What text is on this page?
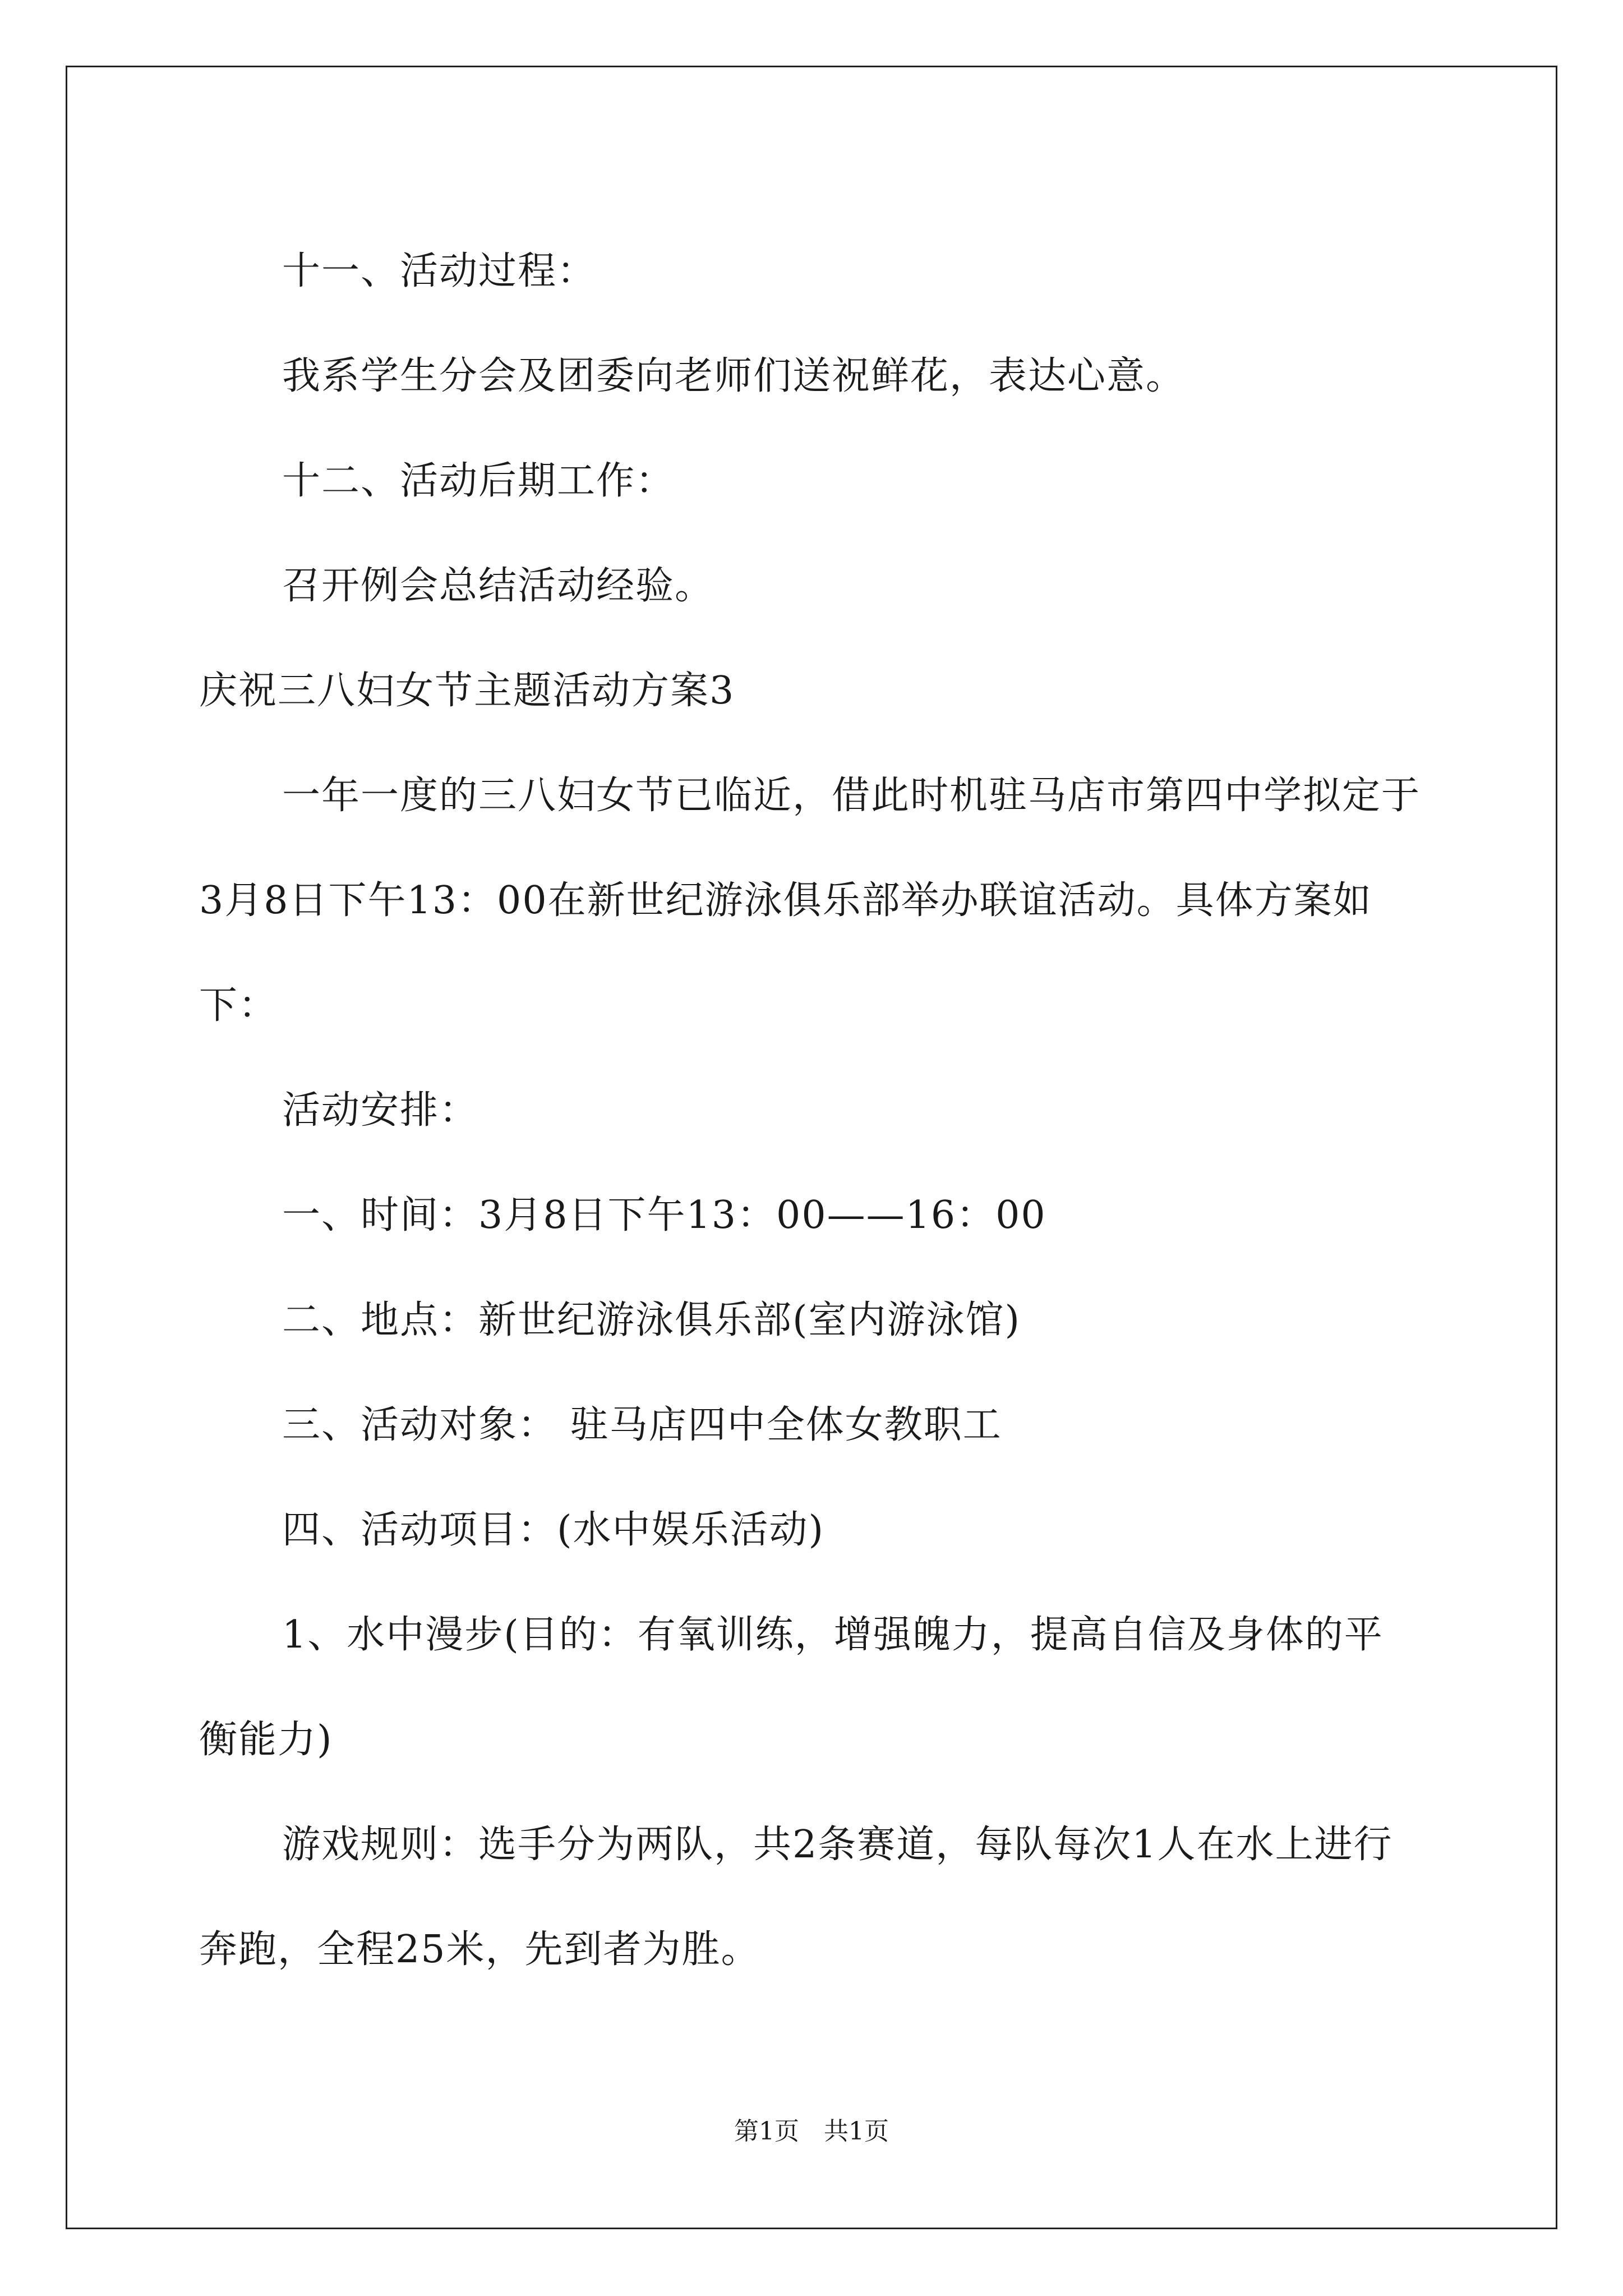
十一、活动过程：

我系学生分会及团委向老师们送祝鲜花，表达心意。

十二、活动后期工作：

召开例会总结活动经验。

庆祝三八妇女节主题活动方案3

一年一度的三八妇女节已临近，借此时机驻马店市第四中学拟定于3月8日下午13：00在新世纪游泳俱乐部举办联谊活动。具体方案如下：

活动安排：

一、时间：3月8日下午13：00——16：00

二、地点：新世纪游泳俱乐部(室内游泳馆)

三、活动对象： 驻马店四中全体女教职工

四、活动项目：(水中娱乐活动)

1、水中漫步(目的：有氧训练，增强魄力，提高自信及身体的平衡能力)

游戏规则：选手分为两队，共2条赛道，每队每次1人在水上进行奔跑，全程25米，先到者为胜。

第1页　共1页
